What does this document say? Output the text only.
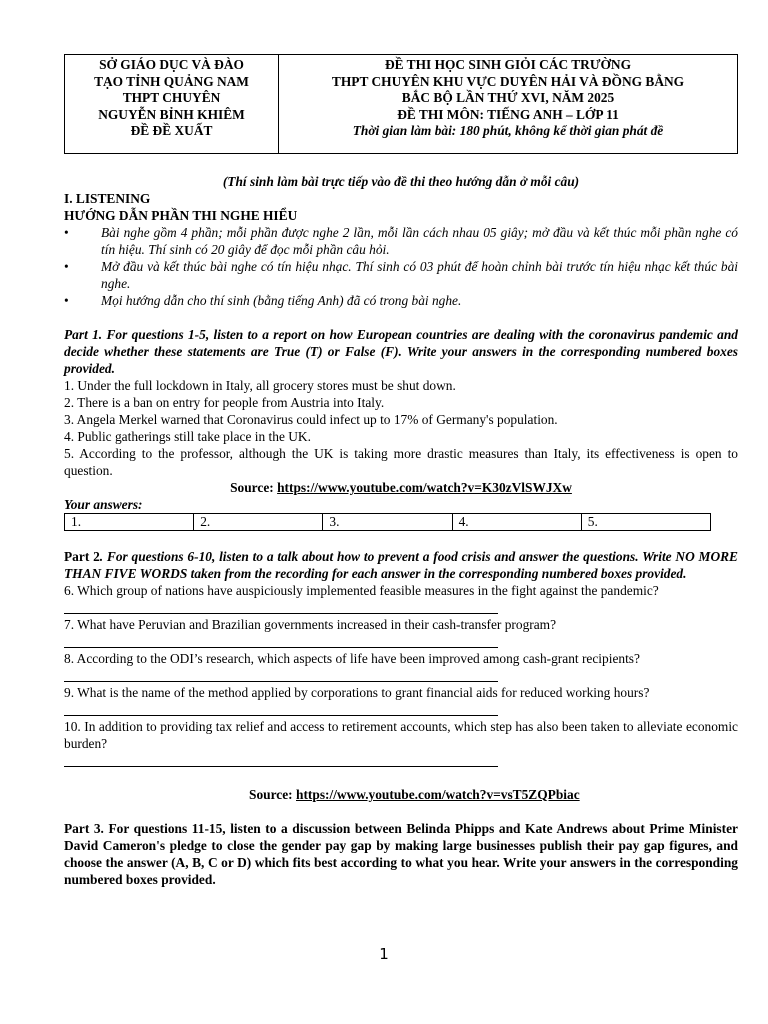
SỞ GIÁO DỤC VÀ ĐÀO
TẠO TỈNH QUẢNG NAM
THPT CHUYÊN
NGUYỄN BỈNH KHIÊM
ĐỀ ĐỀ XUẤT

ĐỀ THI HỌC SINH GIỎI CÁC TRƯỜNG
THPT CHUYÊN KHU VỰC DUYÊN HẢI VÀ ĐỒNG BẰNG
BẮC BỘ LẦN THỨ XVI, NĂM 2025
ĐỀ THI MÔN: TIẾNG ANH – LỚP 11
Thời gian làm bài: 180 phút, không kể thời gian phát đề

(Thí sinh làm bài trực tiếp vào đề thi theo hướng dẫn ở mỗi câu)

I. LISTENING

HƯỚNG DẪN PHẦN THI NGHE HIỂU

• Bài nghe gồm 4 phần; mỗi phần được nghe 2 lần, mỗi lần cách nhau 05 giây; mở đầu và kết thúc mỗi phần nghe có tín hiệu. Thí sinh có 20 giây để đọc mỗi phần câu hỏi.

• Mở đầu và kết thúc bài nghe có tín hiệu nhạc. Thí sinh có 03 phút để hoàn chỉnh bài trước tín hiệu nhạc kết thúc bài nghe.

• Mọi hướng dẫn cho thí sinh (bằng tiếng Anh) đã có trong bài nghe.

Part 1. For questions 1-5, listen to a report on how European countries are dealing with the coronavirus pandemic and decide whether these statements are True (T) or False (F). Write your answers in the corresponding numbered boxes provided.

1. Under the full lockdown in Italy, all grocery stores must be shut down.

2. There is a ban on entry for people from Austria into Italy.

3. Angela Merkel warned that Coronavirus could infect up to 17% of Germany's population.

4. Public gatherings still take place in the UK.

5. According to the professor, although the UK is taking more drastic measures than Italy, its effectiveness is open to question.

Source: https://www.youtube.com/watch?v=K30zVlSWJXw

Your answers:

1.	2.	3.	4.	5.

Part 2. For questions 6-10, listen to a talk about how to prevent a food crisis and answer the questions. Write NO MORE THAN FIVE WORDS taken from the recording for each answer in the corresponding numbered boxes provided.

6. Which group of nations have auspiciously implemented feasible measures in the fight against the pandemic?

7. What have Peruvian and Brazilian governments increased in their cash-transfer program?

8. According to the ODI’s research, which aspects of life have been improved among cash-grant recipients?

9. What is the name of the method applied by corporations to grant financial aids for reduced working hours?

10. In addition to providing tax relief and access to retirement accounts, which step has also been taken to alleviate economic burden?

Source: https://www.youtube.com/watch?v=vsT5ZQPbiac

Part 3. For questions 11-15, listen to a discussion between Belinda Phipps and Kate Andrews about Prime Minister David Cameron's pledge to close the gender pay gap by making large businesses publish their pay gap figures, and choose the answer (A, B, C or D) which fits best according to what you hear. Write your answers in the corresponding numbered boxes provided.

1
